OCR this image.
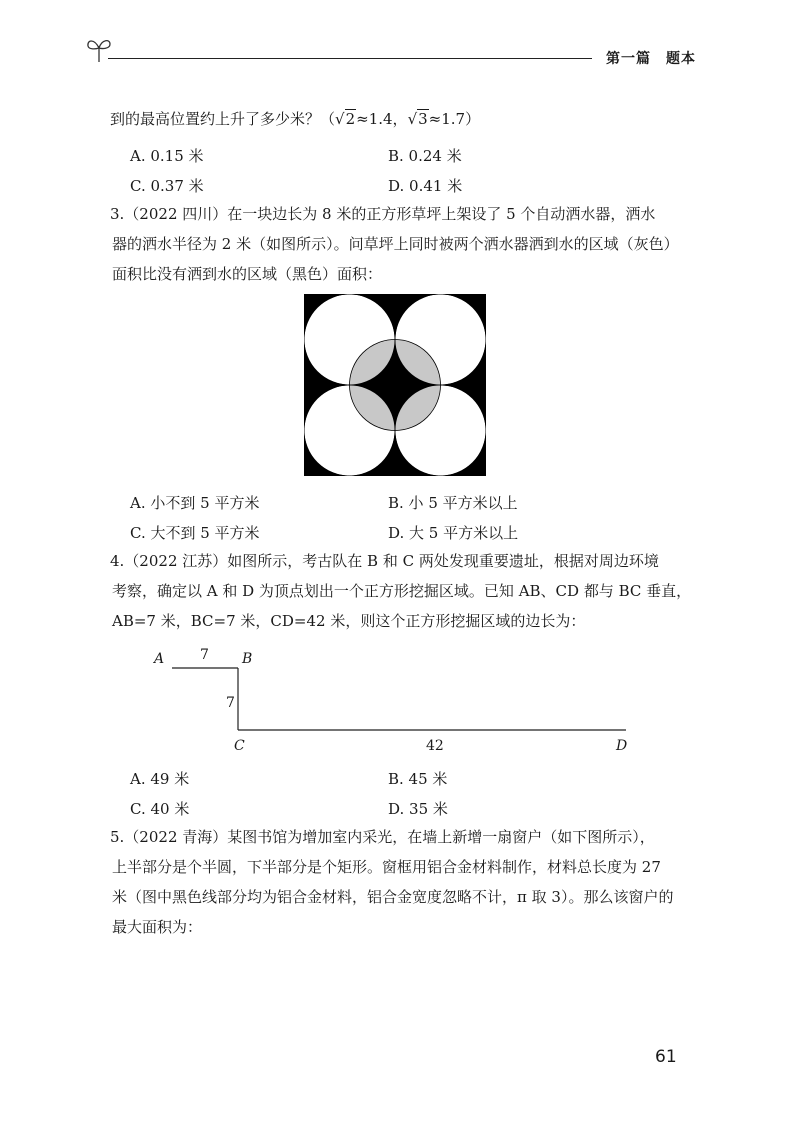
第一篇　题本
到的最高位置约上升了多少米？（√2≈1.4，√3≈1.7）
A. 0.15 米	B. 0.24 米
C. 0.37 米	D. 0.41 米
3.（2022 四川）在一块边长为 8 米的正方形草坪上架设了 5 个自动洒水器，洒水
器的洒水半径为 2 米（如图所示）。问草坪上同时被两个洒水器洒到水的区域（灰色）
面积比没有洒到水的区域（黑色）面积：
A. 小不到 5 平方米	B. 小 5 平方米以上
C. 大不到 5 平方米	D. 大 5 平方米以上
4.（2022 江苏）如图所示，考古队在 B 和 C 两处发现重要遗址，根据对周边环境
考察，确定以 A 和 D 为顶点划出一个正方形挖掘区域。已知 AB、CD 都与 BC 垂直，
AB=7 米，BC=7 米，CD=42 米，则这个正方形挖掘区域的边长为：
A	7 B
7
C	42	D
A. 49 米	B. 45 米
C. 40 米	D. 35 米
5.（2022 青海）某图书馆为增加室内采光，在墙上新增一扇窗户（如下图所示），
上半部分是个半圆，下半部分是个矩形。窗框用铝合金材料制作，材料总长度为 27
米（图中黑色线部分均为铝合金材料，铝合金宽度忽略不计，π 取 3）。那么该窗户的
最大面积为：
61
